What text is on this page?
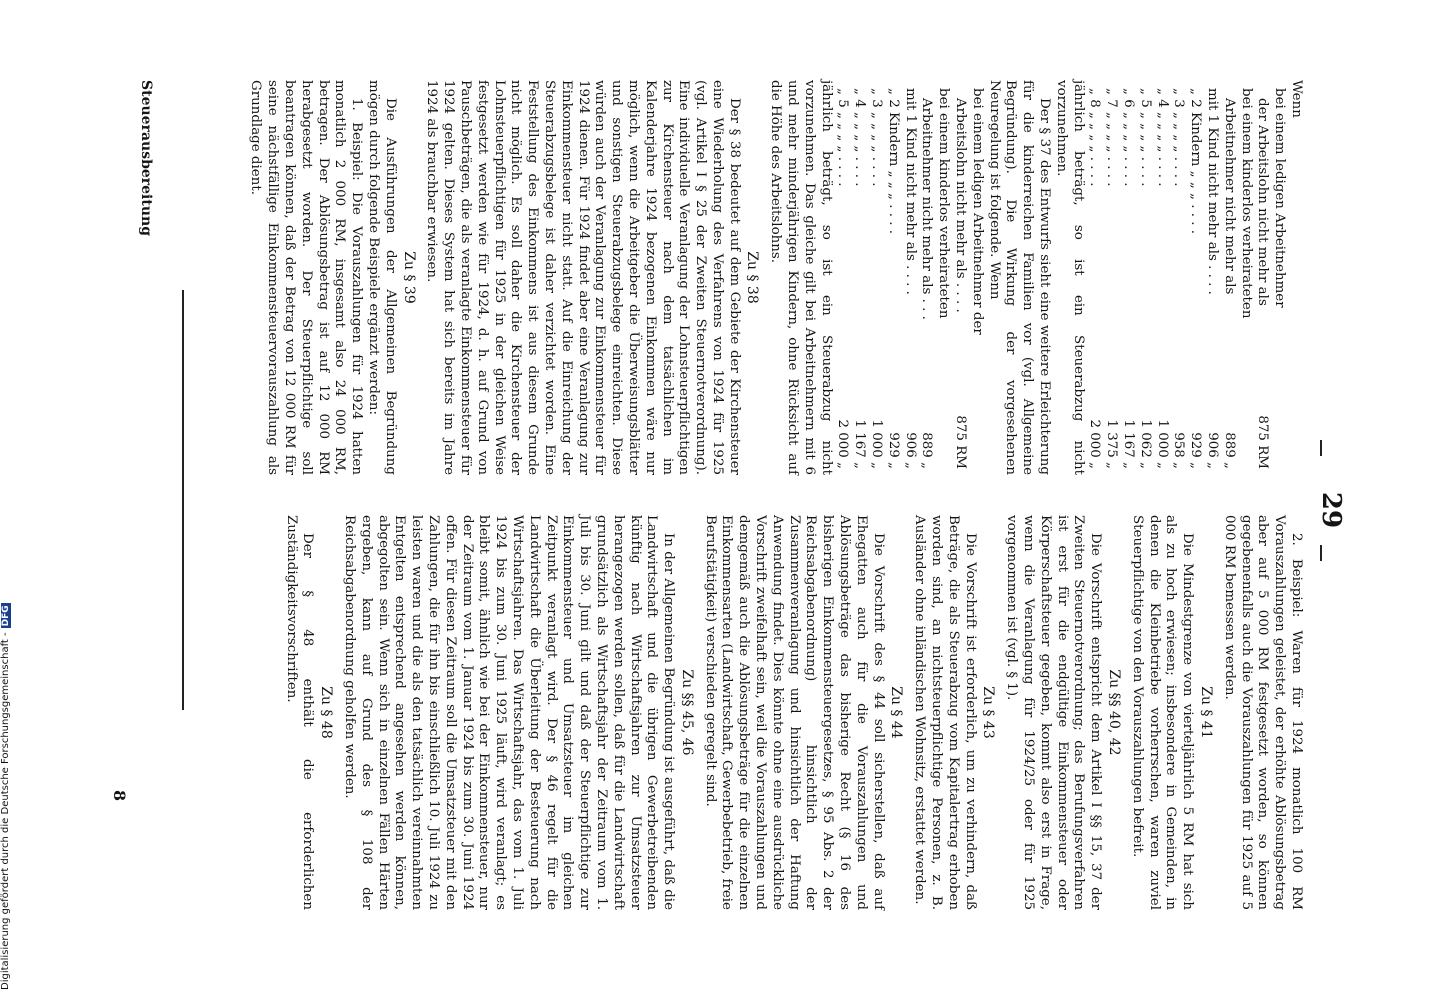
29

Wenn

bei einem ledigen Arbeitnehmer
der Arbeitslohn nicht mehr als
875 RM
bei einem kinderlos verheirateten
Arbeitnehmer nicht mehr als
889 „
mit 1 Kind nicht mehr als . . . .
906 „
„ 2 Kindern „ „ „ . . . .
929 „
„ 3 „ „ „ „ . . . .
958 „
„ 4 „ „ „ „ . . . .
1 000 „
„ 5 „ „ „ „ . . . .
1 062 „
„ 6 „ „ „ „ . . . .
1 167 „
„ 7 „ „ „ „ . . . .
1 375 „
„ 8 „ „ „ „ . . . .
2 000 „

jährlich beträgt, so ist ein Steuerabzug nicht vorzunehmen.

Der § 37 des Entwurfs sieht eine weitere Erleichterung für die kinderreichen Familien vor (vgl. Allgemeine Begründung). Die Wirkung der vorgesehenen Neuregelung ist folgende. Wenn

bei einem ledigen Arbeitnehmer der
Arbeitslohn nicht mehr als . . . .
875 RM
bei einem kinderlos verheirateten
Arbeitnehmer nicht mehr als . . .
889 „
mit 1 Kind nicht mehr als . . . .
906 „
„ 2 Kindern „ „ „ . . . .
929 „
„ 3 „ „ „ „ . . . .
1 000 „
„ 4 „ „ „ „ . . . .
1 167 „
„ 5 „ „ „ „ . . . .
2 000 „

jährlich beträgt, so ist ein Steuerabzug nicht vorzunehmen. Das gleiche gilt bei Arbeitnehmern mit 6 und mehr minderjährigen Kindern, ohne Rücksicht auf die Höhe des Arbeitslohns.

Zu § 38

Der § 38 bedeutet auf dem Gebiete der Kirchensteuer eine Wiederholung des Verfahrens von 1924 für 1925 (vgl. Artikel I § 25 der Zweiten Steuernotverordnung). Eine individuelle Veranlagung der Lohnsteuerpflichtigen zur Kirchensteuer nach dem tatsächlichen im Kalenderjahre 1924 bezogenen Einkommen wäre nur möglich, wenn die Arbeitgeber die Überweisungsblätter und sonstigen Steuerabzugsbelege einreichten. Diese würden auch der Veranlagung zur Einkommensteuer für 1924 dienen. Für 1924 findet aber eine Veranlagung zur Einkommensteuer nicht statt. Auf die Einreichung der Steuerabzugsbelege ist daher verzichtet worden. Eine Feststellung des Einkommens ist aus diesem Grunde nicht möglich. Es soll daher die Kirchensteuer der Lohnsteuerpflichtigen für 1925 in der gleichen Weise festgesetzt werden wie für 1924, d. h. auf Grund von Pauschbeträgen, die als veranlagte Einkommensteuer für 1924 gelten. Dieses System hat sich bereits im Jahre 1924 als brauchbar erwiesen.

Zu § 39

Die Ausführungen der Allgemeinen Begründung mögen durch folgende Beispiele ergänzt werden:

1. Beispiel: Die Vorauszahlungen für 1924 hatten monatlich 2 000 RM, insgesamt also 24 000 RM, betragen. Der Ablösungsbetrag ist auf 12 000 RM herabgesetzt worden. Der Steuerpflichtige soll beantragen können, daß der Betrag von 12 000 RM für seine nächstfällige Einkommensteuervorauszahlung als Grundlage dient.

2. Beispiel: Waren für 1924 monatlich 100 RM Vorauszahlungen geleistet, der erhöhte Ablösungsbetrag aber auf 5 000 RM festgesetzt worden, so können gegebenenfalls auch die Vorauszahlungen für 1925 auf 5 000 RM bemessen werden.

Zu § 41

Die Mindestgrenze von vierteljährlich 5 RM hat sich als zu hoch erwiesen; insbesondere in Gemeinden, in denen die Kleinbetriebe vorherrschen, waren zuviel Steuerpflichtige von den Vorauszahlungen befreit.

Zu §§ 40, 42

Die Vorschrift entspricht dem Artikel I §§ 15, 37 der Zweiten Steuernotverordnung; das Berufungsverfahren ist erst für die endgültige Einkommensteuer oder Körperschaftsteuer gegeben, kommt also erst in Frage, wenn die Veranlagung für 1924/25 oder für 1925 vorgenommen ist (vgl. § 1).

Zu § 43

Die Vorschrift ist erforderlich, um zu verhindern, daß Beträge, die als Steuerabzug vom Kapitalertrag erhoben worden sind, an nichtsteuerpflichtige Personen, z. B. Ausländer ohne inländischen Wohnsitz, erstattet werden.

Zu § 44

Die Vorschrift des § 44 soll sicherstellen, daß auf Ehegatten auch für die Vorauszahlungen und Ablösungsbeträge das bisherige Recht (§ 16 des bisherigen Einkommensteuergesetzes, § 95 Abs. 2 der Reichsabgabenordnung) hinsichtlich der Zusammenveranlagung und hinsichtlich der Haftung Anwendung findet. Dies könnte ohne eine ausdrückliche Vorschrift zweifelhaft sein, weil die Vorauszahlungen und demgemäß auch die Ablösungsbeträge für die einzelnen Einkommensarten (Landwirtschaft, Gewerbebetrieb, freie Berufstätigkeit) verschieden geregelt sind.

Zu §§ 45, 46

In der Allgemeinen Begründung ist ausgeführt, daß die Landwirtschaft und die übrigen Gewerbetreibenden künftig nach Wirtschaftsjahren zur Umsatzsteuer herangezogen werden sollen, daß für die Landwirtschaft grundsätzlich als Wirtschaftsjahr der Zeitraum vom 1. Juli bis 30. Juni gilt und daß der Steuerpflichtige zur Einkommensteuer und Umsatzsteuer im gleichen Zeitpunkt veranlagt wird. Der § 46 regelt für die Landwirtschaft die Überleitung der Besteuerung nach Wirtschaftsjahren. Das Wirtschaftsjahr, das vom 1. Juli 1924 bis zum 30. Juni 1925 läuft, wird veranlagt; es bleibt somit, ähnlich wie bei der Einkommensteuer, nur der Zeitraum vom 1. Januar 1924 bis zum 30. Juni 1924 offen. Für diesen Zeitraum soll die Umsatzsteuer mit den Zahlungen, die für ihn bis einschließlich 10. Juli 1924 zu leisten waren und die als den tatsächlich vereinnahmten Entgelten entsprechend angesehen werden können, abgegolten sein. Wenn sich in einzelnen Fällen Härten ergeben, kann auf Grund des § 108 der Reichsabgabenordnung geholfen werden.

Zu § 48

Der § 48 enthält die erforderlichen Zuständigkeitsvorschriften.

Steuerausbereitung
8
Digitalisierung gefördert durch die Deutsche Forschungsgemeinschaft -DFG
